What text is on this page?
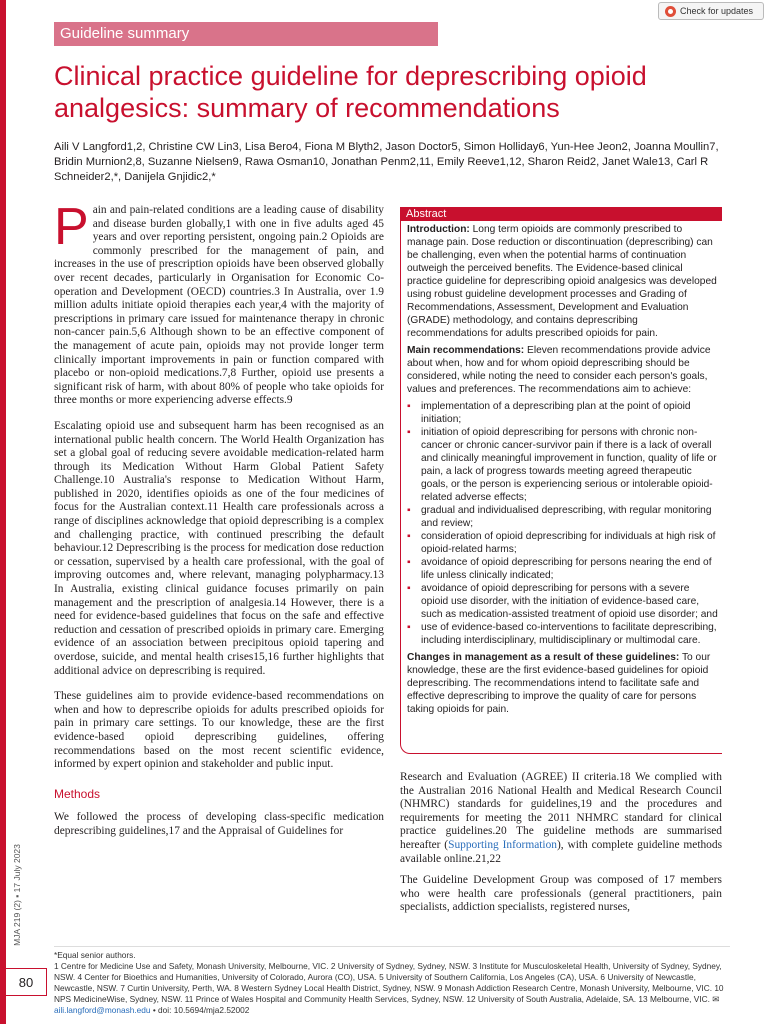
MJA 219 (2) ▪ 17 July 2023
80
Guideline summary
Check for updates
Clinical practice guideline for deprescribing opioid analgesics: summary of recommendations
Aili V Langford1,2, Christine CW Lin3, Lisa Bero4, Fiona M Blyth2, Jason Doctor5, Simon Holliday6, Yun-Hee Jeon2, Joanna Moullin7, Bridin Murnion2,8, Suzanne Nielsen9, Rawa Osman10, Jonathan Penm2,11, Emily Reeve1,12, Sharon Reid2, Janet Wale13, Carl R Schneider2,*, Danijela Gnjidic2,*

Pain and pain-related conditions are a leading cause of disability and disease burden globally,1 with one in five adults aged 45 years and over reporting persistent, ongoing pain.2 Opioids are commonly prescribed for the management of pain, and increases in the use of prescription opioids have been observed globally over recent decades, particularly in Organisation for Economic Co-operation and Development (OECD) countries.3 In Australia, over 1.9 million adults initiate opioid therapies each year,4 with the majority of prescriptions in primary care issued for maintenance therapy in chronic non-cancer pain.5,6 Although shown to be an effective component of the management of acute pain, opioids may not provide longer term clinically important improvements in pain or function compared with placebo or non-opioid medications.7,8 Further, opioid use presents a significant risk of harm, with about 80% of people who take opioids for three months or more experiencing adverse effects.9

Escalating opioid use and subsequent harm has been recognised as an international public health concern. The World Health Organization has set a global goal of reducing severe avoidable medication-related harm through its Medication Without Harm Global Patient Safety Challenge.10 Australia's response to Medication Without Harm, published in 2020, identifies opioids as one of the four medicines of focus for the Australian context.11 Health care professionals across a range of disciplines acknowledge that opioid deprescribing is a complex and challenging practice, with continued prescribing the default behaviour.12 Deprescribing is the process for medication dose reduction or cessation, supervised by a health care professional, with the goal of improving outcomes and, where relevant, managing polypharmacy.13 In Australia, existing clinical guidance focuses primarily on pain management and the prescription of analgesia.14 However, there is a need for evidence-based guidelines that focus on the safe and effective reduction and cessation of prescribed opioids in primary care. Emerging evidence of an association between precipitous opioid tapering and overdose, suicide, and mental health crises15,16 further highlights that additional advice on deprescribing is required.

These guidelines aim to provide evidence-based recommendations on when and how to deprescribe opioids for adults prescribed opioids for pain in primary care settings. To our knowledge, these are the first evidence-based opioid deprescribing guidelines, offering recommendations based on the most recent scientific evidence, informed by expert opinion and stakeholder and public input.

Methods

We followed the process of developing class-specific medication deprescribing guidelines,17 and the Appraisal of Guidelines for

Abstract

Introduction: Long term opioids are commonly prescribed to manage pain. Dose reduction or discontinuation (deprescribing) can be challenging, even when the potential harms of continuation outweigh the perceived benefits. The Evidence-based clinical practice guideline for deprescribing opioid analgesics was developed using robust guideline development processes and Grading of Recommendations, Assessment, Development and Evaluation (GRADE) methodology, and contains deprescribing recommendations for adults prescribed opioids for pain.

Main recommendations: Eleven recommendations provide advice about when, how and for whom opioid deprescribing should be considered, while noting the need to consider each person's goals, values and preferences. The recommendations aim to achieve:

▪ implementation of a deprescribing plan at the point of opioid initiation;
▪ initiation of opioid deprescribing for persons with chronic non-cancer or chronic cancer-survivor pain if there is a lack of overall and clinically meaningful improvement in function, quality of life or pain, a lack of progress towards meeting agreed therapeutic goals, or the person is experiencing serious or intolerable opioid-related adverse effects;
▪ gradual and individualised deprescribing, with regular monitoring and review;
▪ consideration of opioid deprescribing for individuals at high risk of opioid-related harms;
▪ avoidance of opioid deprescribing for persons nearing the end of life unless clinically indicated;
▪ avoidance of opioid deprescribing for persons with a severe opioid use disorder, with the initiation of evidence-based care, such as medication-assisted treatment of opioid use disorder; and
▪ use of evidence-based co-interventions to facilitate deprescribing, including interdisciplinary, multidisciplinary or multimodal care.

Changes in management as a result of these guidelines: To our knowledge, these are the first evidence-based guidelines for opioid deprescribing. The recommendations intend to facilitate safe and effective deprescribing to improve the quality of care for persons taking opioids for pain.

Research and Evaluation (AGREE) II criteria.18 We complied with the Australian 2016 National Health and Medical Research Council (NHMRC) standards for guidelines,19 and the procedures and requirements for meeting the 2011 NHMRC standard for clinical practice guidelines.20 The guideline methods are summarised hereafter (Supporting Information), with complete guideline methods available online.21,22

The Guideline Development Group was composed of 17 members who were health care professionals (general practitioners, pain specialists, addiction specialists, registered nurses,

*Equal senior authors.

1 Centre for Medicine Use and Safety, Monash University, Melbourne, VIC. 2 University of Sydney, Sydney, NSW. 3 Institute for Musculoskeletal Health, University of Sydney, Sydney, NSW. 4 Center for Bioethics and Humanities, University of Colorado, Aurora (CO), USA. 5 University of Southern California, Los Angeles (CA), USA. 6 University of Newcastle, Newcastle, NSW. 7 Curtin University, Perth, WA. 8 Western Sydney Local Health District, Sydney, NSW. 9 Monash Addiction Research Centre, Monash University, Melbourne, VIC. 10 NPS MedicineWise, Sydney, NSW. 11 Prince of Wales Hospital and Community Health Services, Sydney, NSW. 12 University of South Australia, Adelaide, SA. 13 Melbourne, VIC. ✉ aili.langford@monash.edu • doi: 10.5694/mja2.52002
